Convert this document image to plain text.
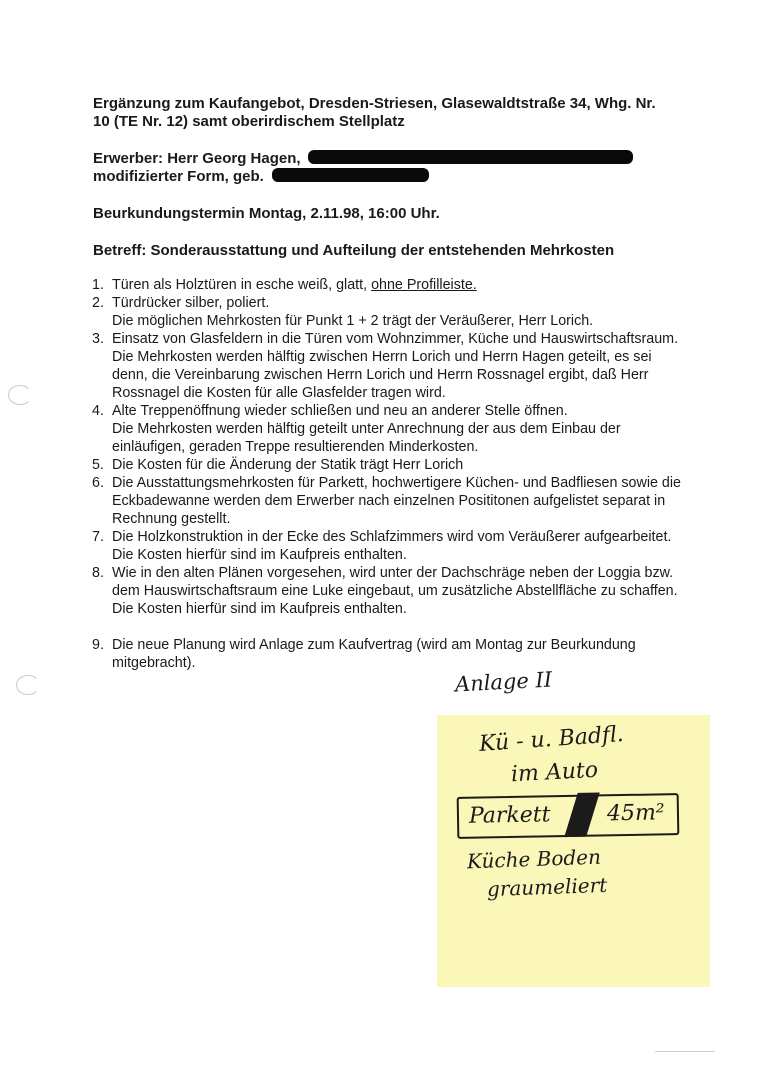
Ergänzung zum Kaufangebot, Dresden-Striesen, Glasewaldtstraße 34, Whg. Nr.
10 (TE Nr. 12) samt oberirdischem Stellplatz
Erwerber: Herr Georg Hagen,
modifizierter Form, geb.
Beurkundungstermin Montag, 2.11.98, 16:00 Uhr.
Betreff: Sonderausstattung und Aufteilung der entstehenden Mehrkosten
1. Türen als Holztüren in esche weiß, glatt, ohne Profilleiste.

2. Türdrücker silber, poliert.

Die möglichen Mehrkosten für Punkt 1 + 2 trägt der Veräußerer, Herr Lorich.

3. Einsatz von Glasfeldern in die Türen vom Wohnzimmer, Küche und Hauswirtschaftsraum.

Die Mehrkosten werden hälftig zwischen Herrn Lorich und Herrn Hagen geteilt, es sei denn, die Vereinbarung zwischen Herrn Lorich und Herrn Rossnagel ergibt, daß Herr Rossnagel die Kosten für alle Glasfelder tragen wird.

4. Alte Treppenöffnung wieder schließen und neu an anderer Stelle öffnen.

Die Mehrkosten werden hälftig geteilt unter Anrechnung der aus dem Einbau der einläufigen, geraden Treppe resultierenden Minderkosten.

5. Die Kosten für die Änderung der Statik trägt Herr Lorich

6. Die Ausstattungsmehrkosten für Parkett, hochwertigere Küchen- und Badfliesen sowie die Eckbadewanne werden dem Erwerber nach einzelnen Posititonen aufgelistet separat in Rechnung gestellt.

7. Die Holzkonstruktion in der Ecke des Schlafzimmers wird vom Veräußerer aufgearbeitet. Die Kosten hierfür sind im Kaufpreis enthalten.

8. Wie in den alten Plänen vorgesehen, wird unter der Dachschräge neben der Loggia bzw. dem Hauswirtschaftsraum eine Luke eingebaut, um zusätzliche Abstellfläche zu schaffen. Die Kosten hierfür sind im Kaufpreis enthalten.

9. Die neue Planung wird Anlage zum Kaufvertrag (wird am Montag zur Beurkundung mitgebracht).

Anlage II
Kü - u. Badfl.
im Auto
Parkett	45m²
Küche Boden
graumeliert
